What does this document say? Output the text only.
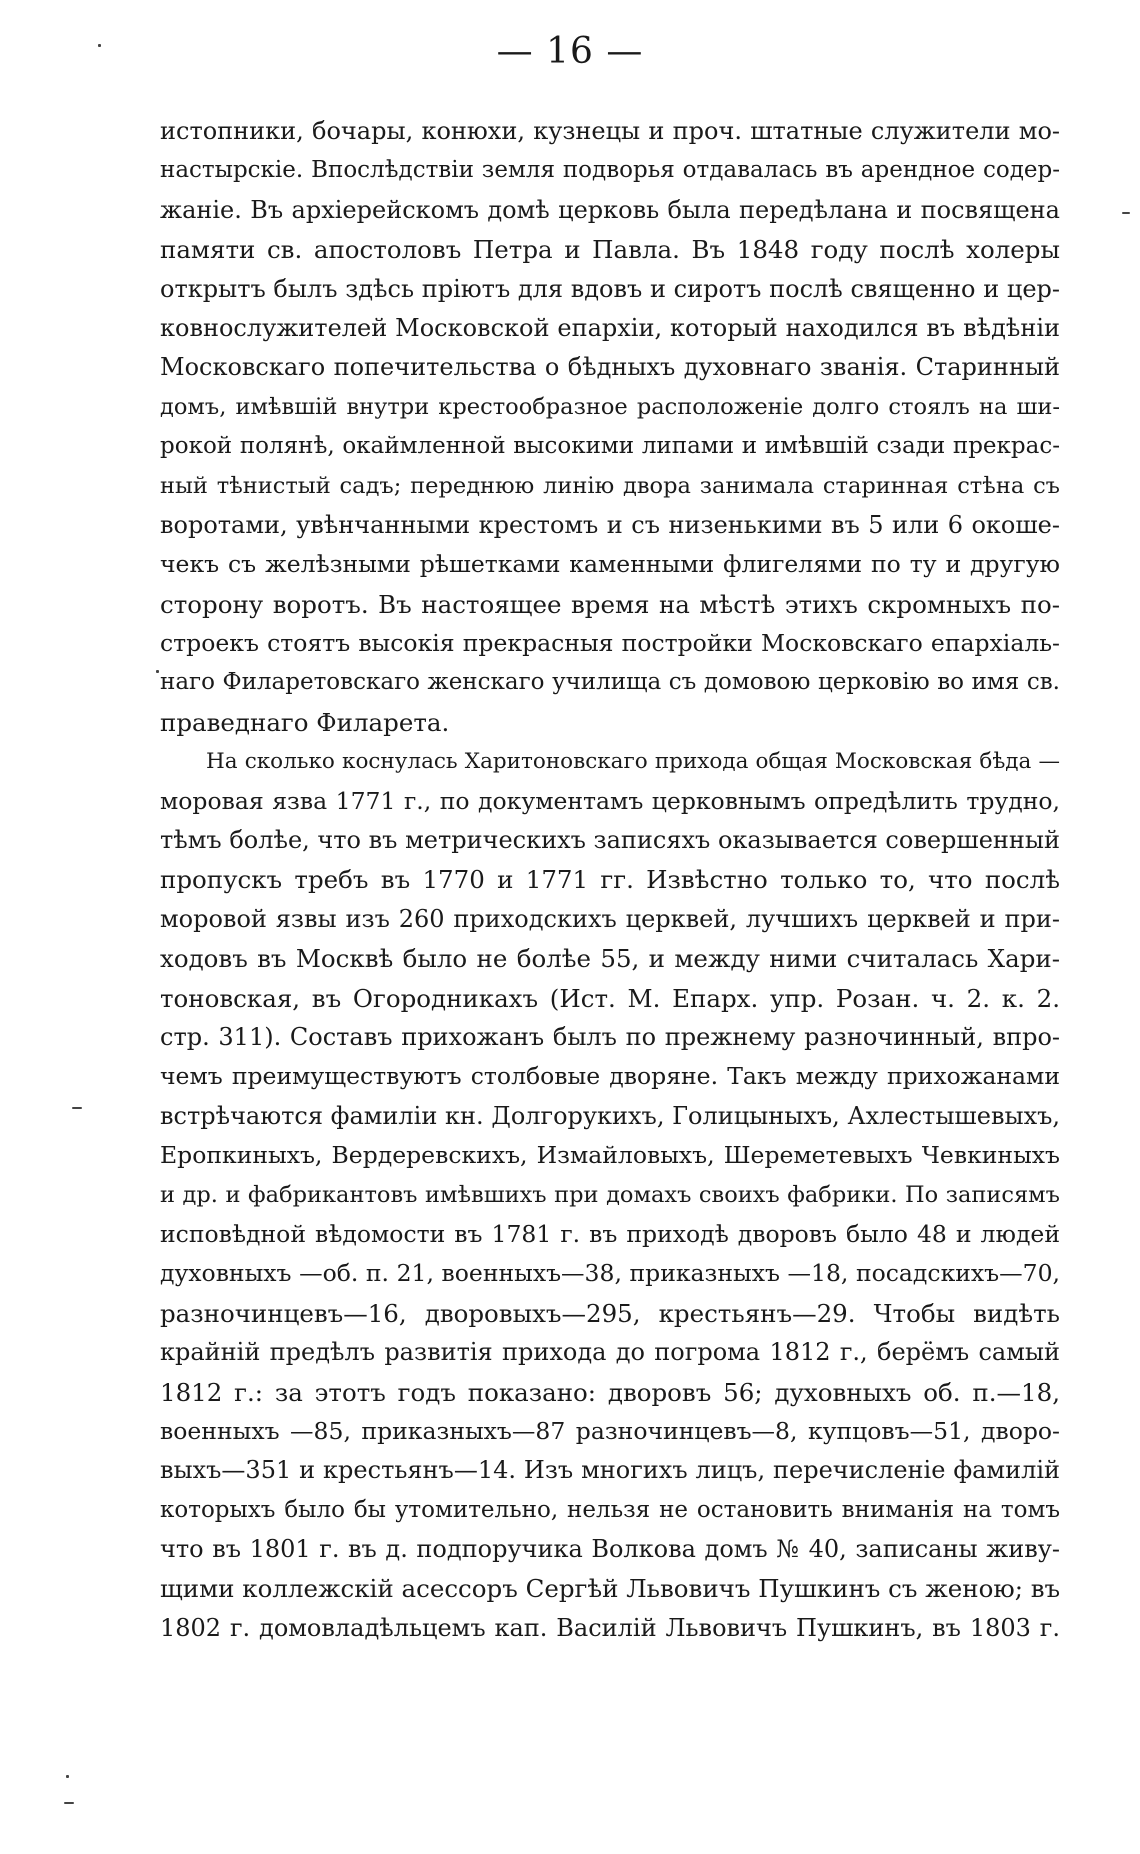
— 16 —
истопники, бочары, конюхи, кузнецы и проч. штатные служители мо-
настырскіе. Впослѣдствіи земля подворья отдавалась въ арендное содер-
жаніе. Въ архіерейскомъ домѣ церковь была передѣлана и посвящена
памяти св. апостоловъ Петра и Павла. Въ 1848 году послѣ холеры
открытъ былъ здѣсь пріютъ для вдовъ и сиротъ послѣ священно и цер-
ковнослужителей Московской епархіи, который находился въ вѣдѣніи
Московскаго попечительства о бѣдныхъ духовнаго званія. Старинный
домъ, имѣвшій внутри крестообразное расположеніе долго стоялъ на ши-
рокой полянѣ, окаймленной высокими липами и имѣвшій сзади прекрас-
ный тѣнистый садъ; переднюю линію двора занимала старинная стѣна съ
воротами, увѣнчанными крестомъ и съ низенькими въ 5 или 6 окоше-
чекъ съ желѣзными рѣшетками каменными флигелями по ту и другую
сторону воротъ. Въ настоящее время на мѣстѣ этихъ скромныхъ по-
строекъ стоятъ высокія прекрасныя постройки Московскаго епархіаль-
наго Филаретовскаго женскаго училища съ домовою церковію во имя св.
праведнаго Филарета.
На сколько коснулась Харитоновскаго прихода общая Московская бѣда —
моровая язва 1771 г., по документамъ церковнымъ опредѣлить трудно,
тѣмъ болѣе, что въ метрическихъ записяхъ оказывается совершенный
пропускъ требъ въ 1770 и 1771 гг. Извѣстно только то, что послѣ
моровой язвы изъ 260 приходскихъ церквей, лучшихъ церквей и при-
ходовъ въ Москвѣ было не болѣе 55, и между ними считалась Хари-
тоновская, въ Огородникахъ (Ист. М. Епарх. упр. Розан. ч. 2. к. 2.
стр. 311). Составъ прихожанъ былъ по прежнему разночинный, впро-
чемъ преимуществуютъ столбовые дворяне. Такъ между прихожанами
встрѣчаются фамиліи кн. Долгорукихъ, Голицыныхъ, Ахлестышевыхъ,
Еропкиныхъ, Вердеревскихъ, Измайловыхъ, Шереметевыхъ Чевкиныхъ
и др. и фабрикантовъ имѣвшихъ при домахъ своихъ фабрики. По записямъ
исповѣдной вѣдомости въ 1781 г. въ приходѣ дворовъ было 48 и людей
духовныхъ —об. п. 21, военныхъ—38, приказныхъ —18, посадскихъ—70,
разночинцевъ—16, дворовыхъ—295, крестьянъ—29. Чтобы видѣть
крайній предѣлъ развитія прихода до погрома 1812 г., берёмъ самый
1812 г.: за этотъ годъ показано: дворовъ 56; духовныхъ об. п.—18,
военныхъ —85, приказныхъ—87 разночинцевъ—8, купцовъ—51, дворо-
выхъ—351 и крестьянъ—14. Изъ многихъ лицъ, перечисленіе фамилій
которыхъ было бы утомительно, нельзя не остановить вниманія на томъ
что въ 1801 г. въ д. подпоручика Волкова домъ № 40, записаны живу-
щими коллежскій асессоръ Сергѣй Львовичъ Пушкинъ съ женою; въ
1802 г. домовладѣльцемъ кап. Василій Львовичъ Пушкинъ, въ 1803 г.
